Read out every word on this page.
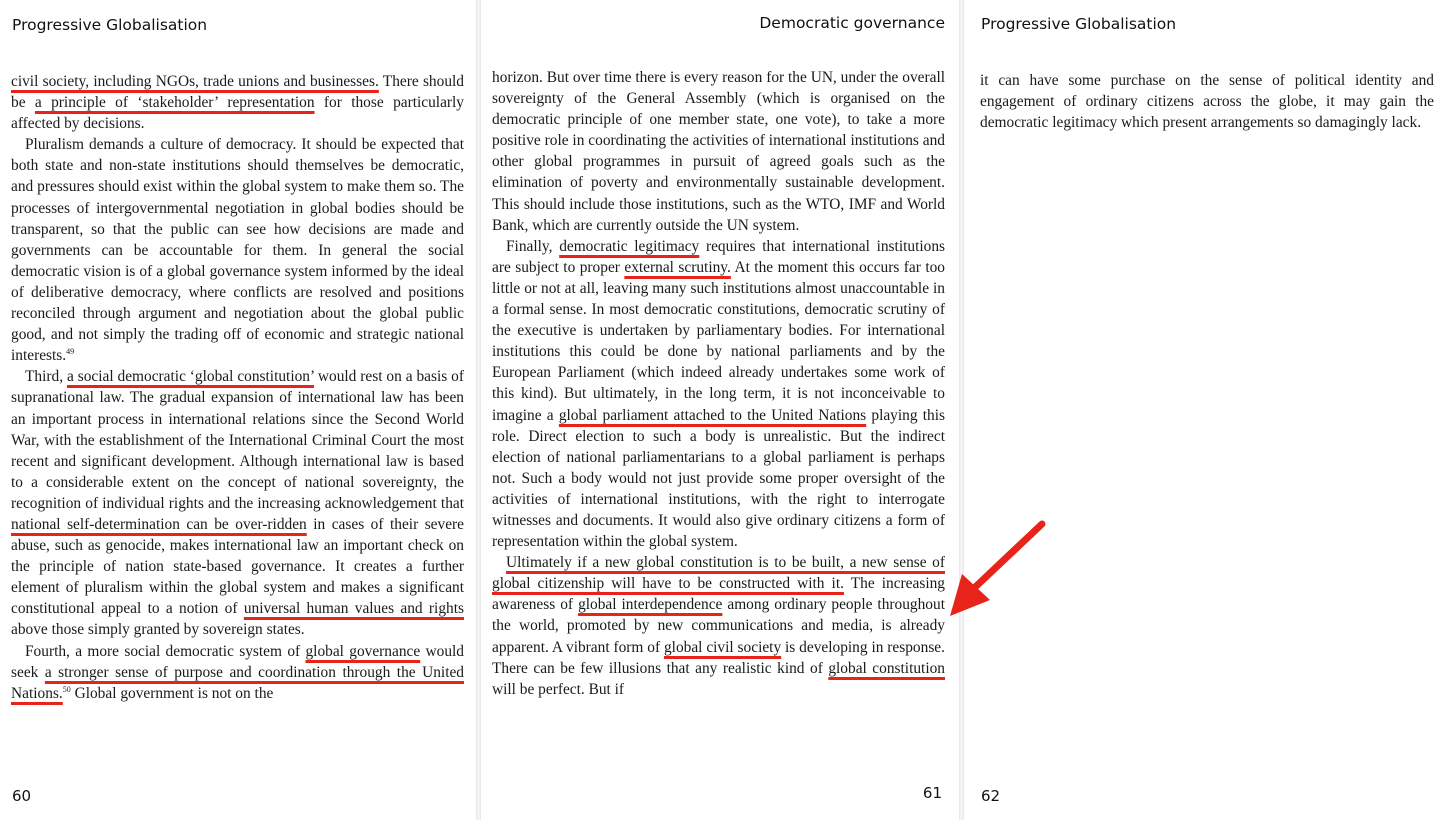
Progressive Globalisation

civil society, including NGOs, trade unions and businesses. There should be a principle of ‘stakeholder’ representation for those particularly affected by decisions.

Pluralism demands a culture of democracy. It should be expected that both state and non-state institutions should themselves be democratic, and pressures should exist within the global system to make them so. The processes of intergovernmental negotiation in global bodies should be transparent, so that the public can see how decisions are made and governments can be accountable for them. In general the social democratic vision is of a global governance system informed by the ideal of deliberative democracy, where conflicts are resolved and positions reconciled through argument and negotiation about the global public good, and not simply the trading off of economic and strategic national interests.$^{49}$

Third, a social democratic ‘global constitution’ would rest on a basis of supranational law. The gradual expansion of international law has been an important process in international relations since the Second World War, with the establishment of the International Criminal Court the most recent and significant development. Although international law is based to a considerable extent on the concept of national sovereignty, the recognition of individual rights and the increasing acknowledgement that national self-determination can be over-ridden in cases of their severe abuse, such as genocide, makes international law an important check on the principle of nation state-based governance. It creates a further element of pluralism within the global system and makes a significant constitutional appeal to a notion of universal human values and rights above those simply granted by sovereign states.

Fourth, a more social democratic system of global governance would seek a stronger sense of purpose and coordination through the United Nations.$^{50}$ Global government is not on the

60
Democratic governance

horizon. But over time there is every reason for the UN, under the overall sovereignty of the General Assembly (which is organised on the democratic principle of one member state, one vote), to take a more positive role in coordinating the activities of international institutions and other global programmes in pursuit of agreed goals such as the elimination of poverty and environmentally sustainable development. This should include those institutions, such as the WTO, IMF and World Bank, which are currently outside the UN system.

Finally, democratic legitimacy requires that international institutions are subject to proper external scrutiny. At the moment this occurs far too little or not at all, leaving many such institutions almost unaccountable in a formal sense. In most democratic constitutions, democratic scrutiny of the executive is undertaken by parliamentary bodies. For international institutions this could be done by national parliaments and by the European Parliament (which indeed already undertakes some work of this kind). But ultimately, in the long term, it is not inconceivable to imagine a global parliament attached to the United Nations playing this role. Direct election to such a body is unrealistic. But the indirect election of national parliamentarians to a global parliament is perhaps not. Such a body would not just provide some proper oversight of the activities of international institutions, with the right to interrogate witnesses and documents. It would also give ordinary citizens a form of representation within the global system.

Ultimately if a new global constitution is to be built, a new sense of global citizenship will have to be constructed with it. The increasing awareness of global interdependence among ordinary people throughout the world, promoted by new communications and media, is already apparent. A vibrant form of global civil society is developing in response. There can be few illusions that any realistic kind of global constitution will be perfect. But if

61
Progressive Globalisation

it can have some purchase on the sense of political identity and engagement of ordinary citizens across the globe, it may gain the democratic legitimacy which present arrangements so damagingly lack.

62
